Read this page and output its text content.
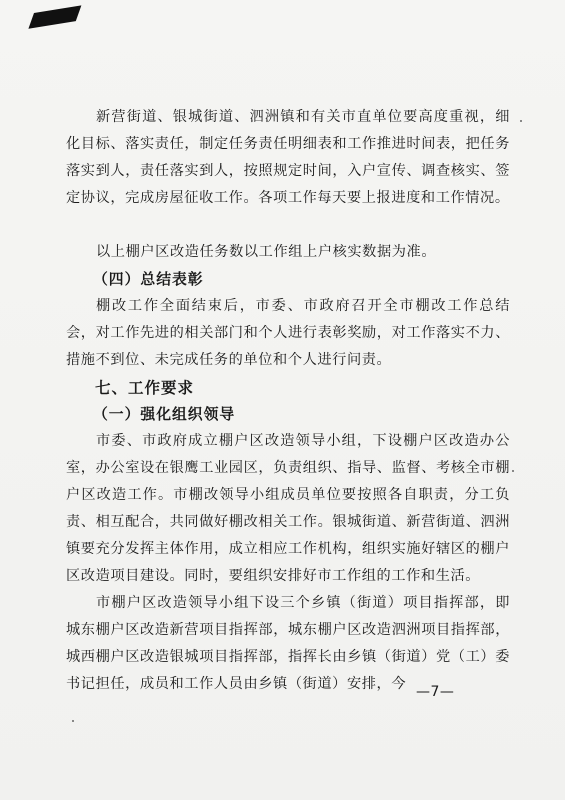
新营街道、银城街道、泗洲镇和有关市直单位要高度重视，细化目标、落实责任，制定任务责任明细表和工作推进时间表，把任务落实到人，责任落实到人，按照规定时间，入户宣传、调查核实、签定协议，完成房屋征收工作。各项工作每天要上报进度和工作情况。

以上棚户区改造任务数以工作组上户核实数据为准。

（四）总结表彰

棚改工作全面结束后，市委、市政府召开全市棚改工作总结会，对工作先进的相关部门和个人进行表彰奖励，对工作落实不力、措施不到位、未完成任务的单位和个人进行问责。

七、工作要求

（一）强化组织领导

市委、市政府成立棚户区改造领导小组，下设棚户区改造办公室，办公室设在银鹰工业园区，负责组织、指导、监督、考核全市棚户区改造工作。市棚改领导小组成员单位要按照各自职责，分工负责、相互配合，共同做好棚改相关工作。银城街道、新营街道、泗洲镇要充分发挥主体作用，成立相应工作机构，组织实施好辖区的棚户区改造项目建设。同时，要组织安排好市工作组的工作和生活。

市棚户区改造领导小组下设三个乡镇（街道）项目指挥部，即城东棚户区改造新营项目指挥部，城东棚户区改造泗洲项目指挥部，城西棚户区改造银城项目指挥部，指挥长由乡镇（街道）党（工）委书记担任，成员和工作人员由乡镇（街道）安排，今 —7—
